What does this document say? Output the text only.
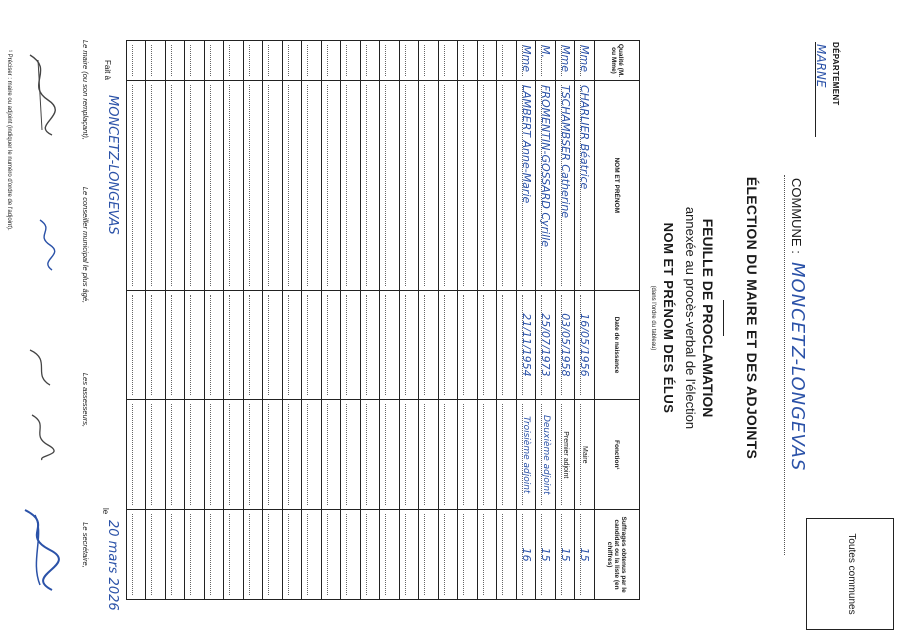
DÉPARTEMENT
MARNE
Toutes communes
COMMUNE :
MONCETZ-LONGEVAS
ÉLECTION DU MAIRE ET DES ADJOINTS
FEUILLE DE PROCLAMATION
annexée au procès-verbal de l'élection
NOM ET PRÉNOM DES ÉLUS
(dans l'ordre du tableau)
Qualité (M. ou Mme)	NOM ET PRÉNOM	Date de naissance	Fonction¹	Suffrages obtenus par le candidat ou la liste (en chiffres)
Mme	CHARLIER Béatrice	16/05/1956	Maire	15
Mme	TSCHAMBSER Catherine	03/05/1958	Premier adjoint	15
M.	FROMENTIN-GOSSARD Cyrille	25/07/1973	Deuxième adjoint	15
Mme	LAMBERT Anne-Marie	21/11/1954	Troisième adjoint	16

Fait à
MONCETZ-LONGEVAS
le
20 mars 2026
Le maire (ou son remplaçant),
Le conseiller municipal le plus âgé,
Les assesseurs,
Le secrétaire,
¹ Préciser : maire ou adjoint (indiquer le numéro d'ordre de l'adjoint).
